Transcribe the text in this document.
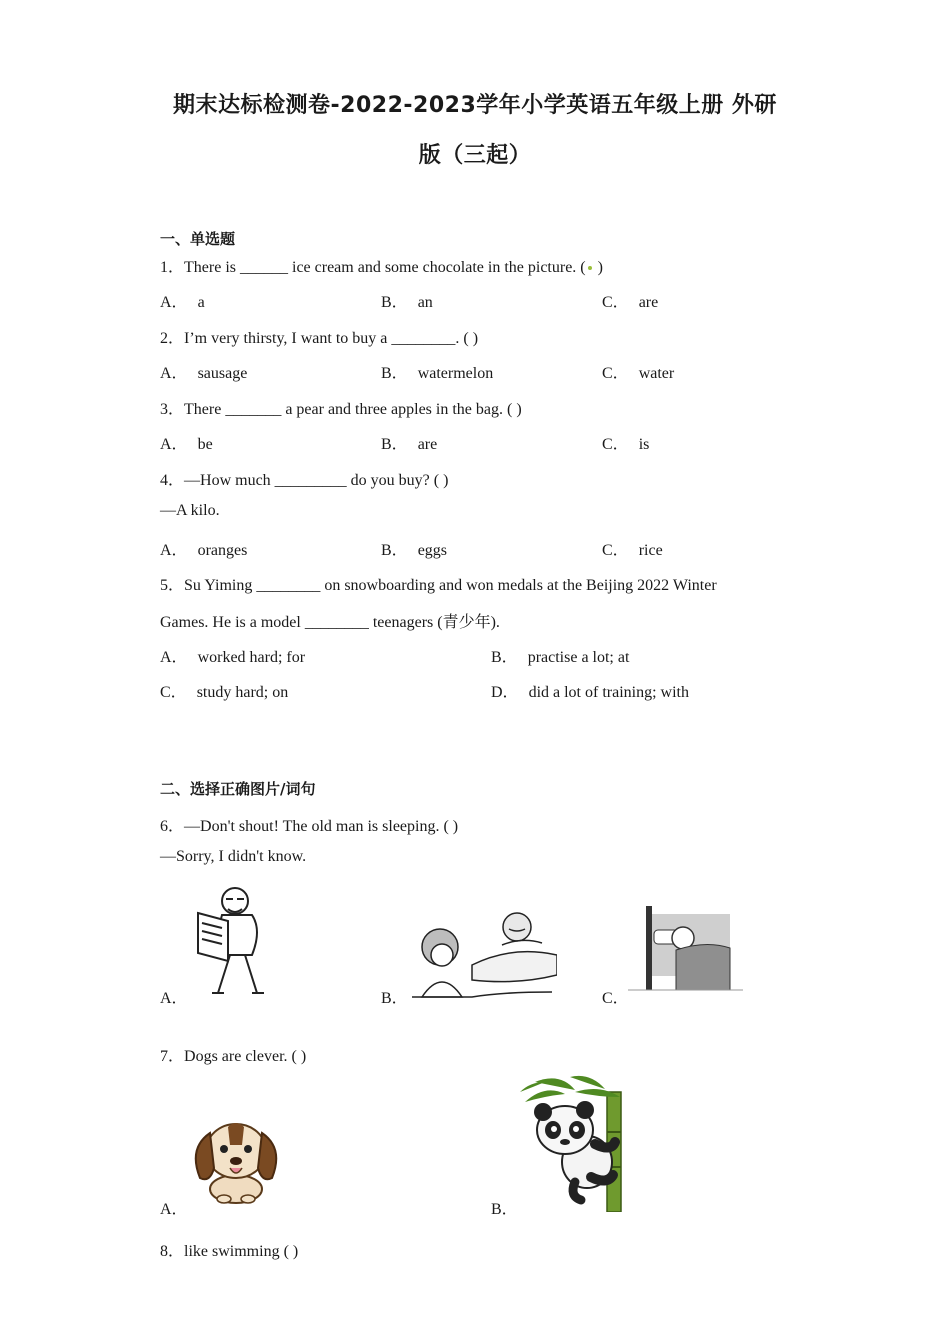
期末达标检测卷-2022-2023学年小学英语五年级上册 外研
版（三起）
一、单选题
1．There is ______ ice cream and some chocolate in the picture. ( )
A． a	B． an	C． are
2．I’m very thirsty, I want to buy a ________. ( )
A． sausage	B． watermelon	C． water
3．There _______ a pear and three apples in the bag. ( )
A． be	B． are	C． is
4．—How much _________ do you buy? ( )
—A kilo.
A． oranges	B． eggs	C． rice
5．Su Yiming ________ on snowboarding and won medals at the Beijing 2022 Winter
Games. He is a model ________ teenagers (青少年).
A． worked hard; for	B． practise a lot; at
C． study hard; on	D． did a lot of training; with
二、选择正确图片/词句
6．—Don't shout! The old man is sleeping. ( )
—Sorry, I didn't know.
A．	B．	C．
7．Dogs are clever. ( )
A．	B．
8．like swimming ( )
